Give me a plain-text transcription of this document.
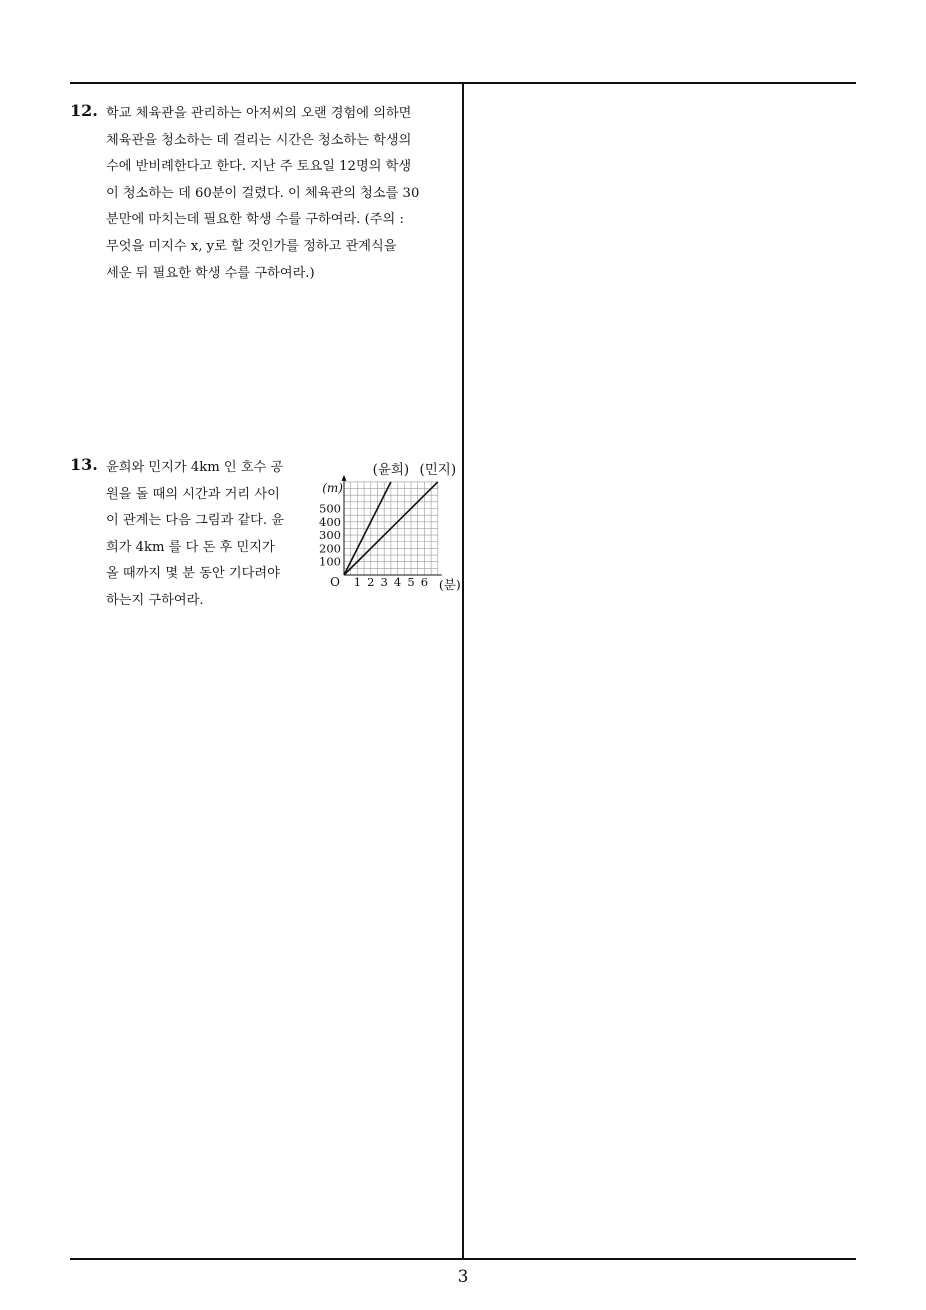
12. 학교 체육관을 관리하는 아저씨의 오랜 경험에 의하면
체육관을 청소하는 데 걸리는 시간은 청소하는 학생의
수에 반비례한다고 한다. 지난 주 토요일 12명의 학생
이 청소하는 데 60분이 걸렸다. 이 체육관의 청소를 30
분만에 마치는데 필요한 학생 수를 구하여라. (주의 :
무엇을 미지수 x, y로 할 것인가를 정하고 관계식을
세운 뒤 필요한 학생 수를 구하여라.)
13. 윤희와 민지가 4km 인 호수 공
원을 돌 때의 시간과 거리 사이
이 관계는 다음 그림과 같다. 윤
희가 4km 를 다 돈 후 민지가
올 때까지 몇 분 동안 기다려야
하는지 구하여라.
1 2 3 4 5 6
100
200
300
400
500
O
(m)
(분)
(윤희) (민지)
3
